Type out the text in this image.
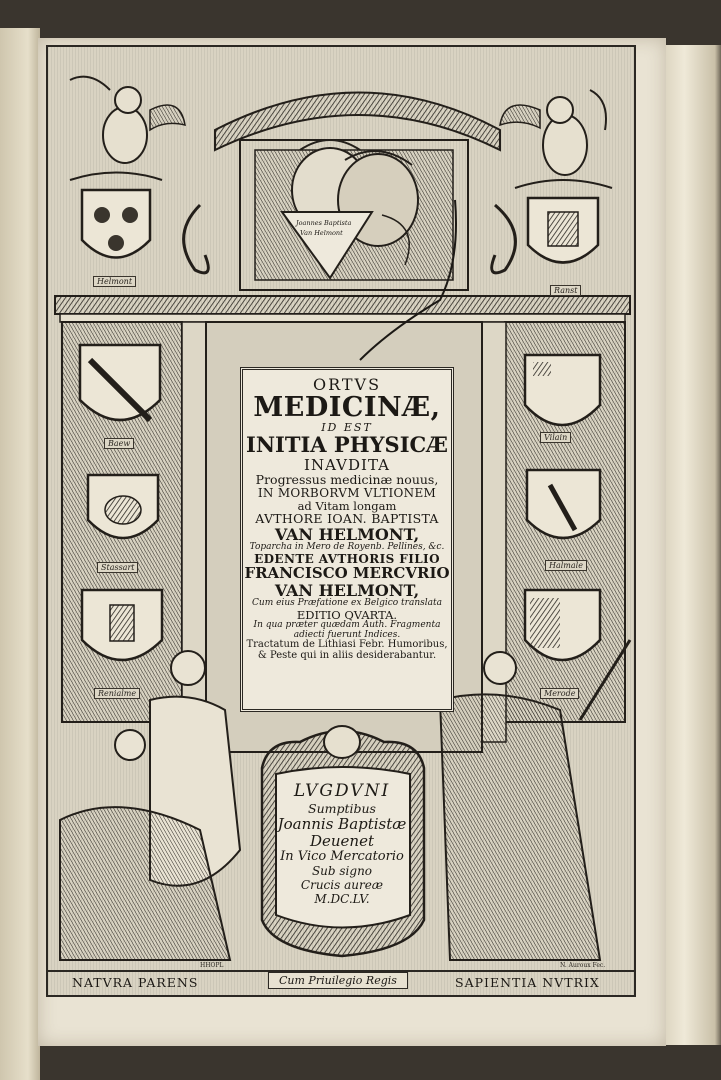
Joannes Baptista
Van Helmont
Helmont
Ranst
Baew
Stassart
Renialme
Vilain
Halmale
Merode
ORTVS
MEDICINÆ,
ID EST
INITIA PHYSICÆ
INAVDITA
Progressus medicinæ nouus,
IN MORBORVM VLTIONEM
ad Vitam longam
AVTHORE IOAN. BAPTISTA
VAN HELMONT,
Toparcha in Mero de Royenb. Pellines, &c.
EDENTE AVTHORIS FILIO
FRANCISCO MERCVRIO
VAN HELMONT,
Cum eius Præfatione ex Belgico translata
EDITIO QVARTA.
In qua præter quædam Auth. Fragmenta
adiecti fuerunt Indices.
Tractatum de Lithiasi Febr. Humoribus,
& Peste qui in aliis desiderabantur.
LVGDVNI
Sumptibus
Joannis Baptistæ
Deuenet
In Vico Mercatorio
Sub signo
Crucis aureæ
M.DC.LV.
HHOPL	N. Auroux Fec.
NATVRA PARENS	Cum Priuilegio Regis	SAPIENTIA NVTRIX
